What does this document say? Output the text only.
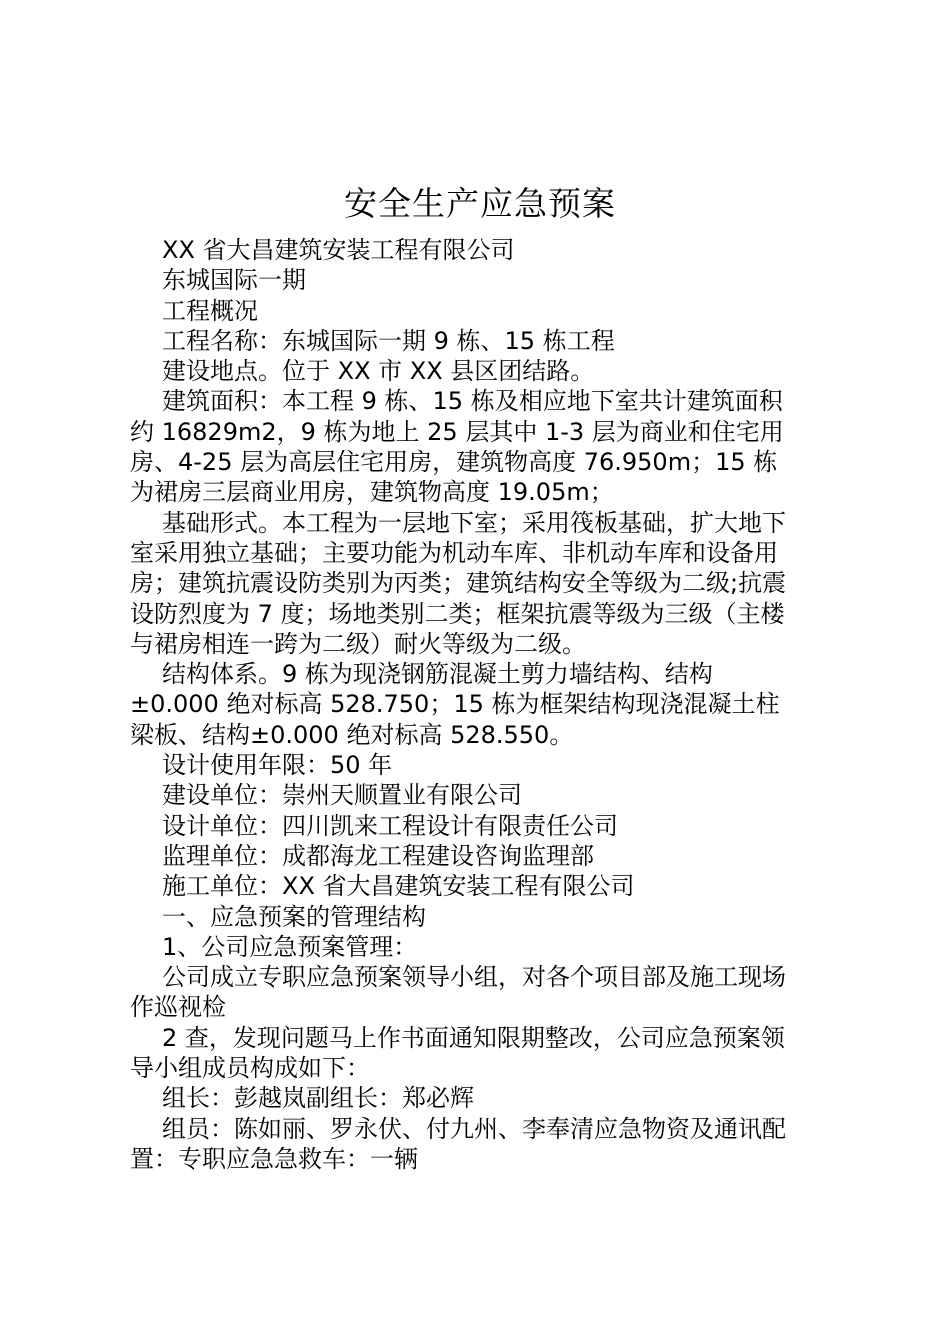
安全生产应急预案

XX 省大昌建筑安装工程有限公司

东城国际一期

工程概况

工程名称：东城国际一期 9 栋、15 栋工程

建设地点。位于 XX 市 XX 县区团结路。

建筑面积：本工程 9 栋、15 栋及相应地下室共计建筑面积
约 16829m2，9 栋为地上 25 层其中 1-3 层为商业和住宅用
房、4-25 层为高层住宅用房，建筑物高度 76.950m；15 栋
为裙房三层商业用房，建筑物高度 19.05m；

基础形式。本工程为一层地下室；采用筏板基础，扩大地下
室采用独立基础；主要功能为机动车库、非机动车库和设备用
房；建筑抗震设防类别为丙类；建筑结构安全等级为二级;抗震
设防烈度为 7 度；场地类别二类；框架抗震等级为三级（主楼
与裙房相连一跨为二级）耐火等级为二级。

结构体系。9 栋为现浇钢筋混凝土剪力墙结构、结构
±0.000 绝对标高 528.750；15 栋为框架结构现浇混凝土柱
梁板、结构±0.000 绝对标高 528.550。

设计使用年限：50 年

建设单位：崇州天顺置业有限公司

设计单位：四川凯来工程设计有限责任公司

监理单位：成都海龙工程建设咨询监理部

施工单位：XX 省大昌建筑安装工程有限公司

一、应急预案的管理结构

1、公司应急预案管理：

公司成立专职应急预案领导小组，对各个项目部及施工现场
作巡视检

2 查，发现问题马上作书面通知限期整改，公司应急预案领
导小组成员构成如下：

组长：彭越岚副组长：郑必辉

组员：陈如丽、罗永伏、付九州、李奉清应急物资及通讯配
置：专职应急急救车：一辆
